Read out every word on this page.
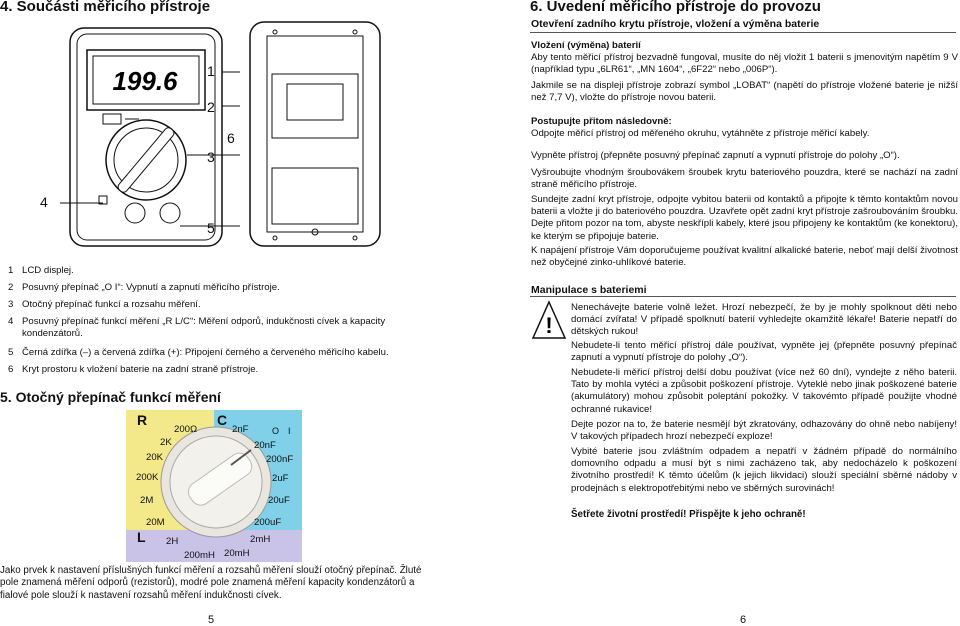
4. Součásti měřicího přístroje
199.6 1
2
3
4
5
6
1 LCD displej.
2 Posuvný přepínač „O I“: Vypnutí a zapnutí měřicího přístroje.
3 Otočný přepínač funkcí a rozsahu měření.
4 Posuvný přepínač funkcí měření „R L/C“: Měření odporů, indukčnosti cívek a kapacity kondenzátorů.
5 Černá zdířka (–) a červená zdířka (+): Připojení černého a červeného měřicího kabelu.
6 Kryt prostoru k vložení baterie na zadní straně přístroje.
5. Otočný přepínač funkcí měření
R	C
L
O I
200Ω
2K
20K
200K
2M
20M
2nF
20nF
200nF
2uF
20uF
200uF
2H
200mH 20mH
2mH
Jako prvek k nastavení příslušných funkcí měření a rozsahů měření slouží otočný přepínač. Žluté pole znamená měření odporů (rezistorů), modré pole znamená měření kapacity kondenzátorů a fialové pole slouží k nastavení rozsahů měření indukčnosti cívek.
5
6. Uvedení měřicího přístroje do provozu
Otevření zadního krytu přístroje, vložení a výměna baterie
Vložení (výměna) baterií
Aby tento měřicí přístroj bezvadně fungoval, musíte do něj vložit 1 baterii s jmenovitým napětím 9 V (například typu „6LR61“, „MN 1604“, „6F22“ nebo „006P“).
Jakmile se na displeji přístroje zobrazí symbol „LOBAT“ (napětí do přístroje vložené baterie je nižší než 7,7 V), vložte do přístroje novou baterii.
Postupujte přitom následovně:
Odpojte měřicí přístroj od měřeného okruhu, vytáhněte z přístroje měřicí kabely.
Vypněte přístroj (přepněte posuvný přepínač zapnutí a vypnutí přístroje do polohy „O“).
Vyšroubujte vhodným šroubovákem šroubek krytu bateriového pouzdra, které se nachází na zadní straně měřicího přístroje.
Sundejte zadní kryt přístroje, odpojte vybitou baterii od kontaktů a připojte k těmto kontaktům novou baterii a vložte ji do bateriového pouzdra. Uzavřete opět zadní kryt přístroje zašroubováním šroubku. Dejte přitom pozor na tom, abyste neskřípli kabely, které jsou připojeny ke kontaktům (ke konektoru), ke kterým se připojuje baterie.
K napájení přístroje Vám doporučujeme používat kvalitní alkalické baterie, neboť mají delší životnost než obyčejné zinko-uhlíkové baterie.
Manipulace s bateriemi
!
Nenechávejte baterie volně ležet. Hrozí nebezpečí, že by je mohly spolknout děti nebo domácí zvířata! V případě spolknutí baterií vyhledejte okamžitě lékaře! Baterie nepatří do dětských rukou!
Nebudete-li tento měřicí přístroj dále používat, vypněte jej (přepněte posuvný přepínač zapnutí a vypnutí přístroje do polohy „O“).
Nebudete-li měřicí přístroj delší dobu používat (více než 60 dní), vyndejte z něho baterii. Tato by mohla vytéci a způsobit poškození přístroje. Vyteklé nebo jinak poškozené baterie (akumulátory) mohou způsobit poleptání pokožky. V takovémto případě použijte vhodné ochranné rukavice!
Dejte pozor na to, že baterie nesmějí být zkratovány, odhazovány do ohně nebo nabíjeny! V takových případech hrozí nebezpečí exploze!
Vybité baterie jsou zvláštním odpadem a nepatří v žádném případě do normálního domovního odpadu a musí být s nimi zacházeno tak, aby nedocházelo k poškození životního prostředí! K těmto účelům (k jejich likvidaci) slouží speciální sběrné nádoby v prodejnách s elektropotřebitými nebo ve sběrných surovinách!
Šetřete životní prostředí! Přispějte k jeho ochraně!
6
